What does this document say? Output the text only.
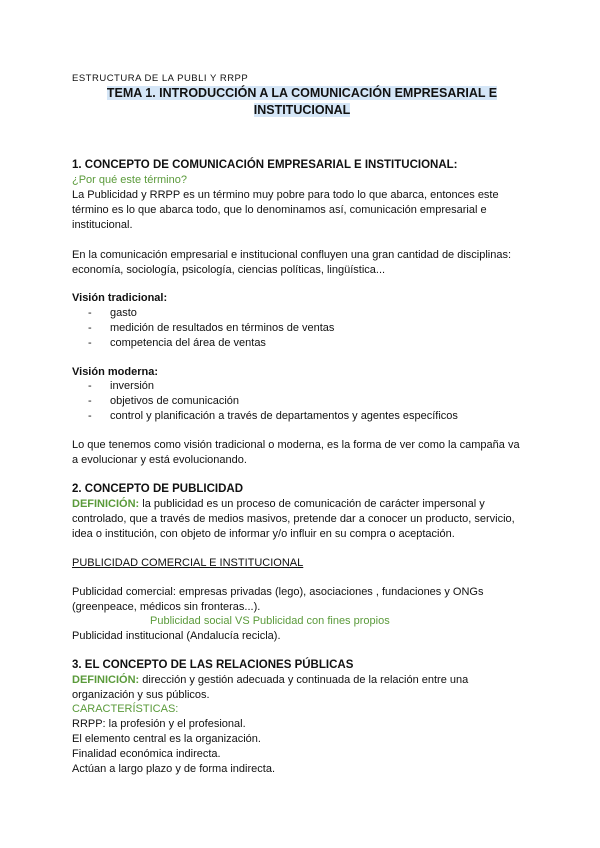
ESTRUCTURA DE LA PUBLI Y RRPP
TEMA 1. INTRODUCCIÓN A LA COMUNICACIÓN EMPRESARIAL E
INSTITUCIONAL
1. CONCEPTO DE COMUNICACIÓN EMPRESARIAL E INSTITUCIONAL:
¿Por qué este término?
La Publicidad y RRPP es un término muy pobre para todo lo que abarca, entonces este
término es lo que abarca todo, que lo denominamos así, comunicación empresarial e
institucional.
En la comunicación empresarial e institucional confluyen una gran cantidad de disciplinas:
economía, sociología, psicología, ciencias políticas, lingüística...
Visión tradicional:
- gasto
- medición de resultados en términos de ventas
- competencia del área de ventas
Visión moderna:
- inversión
- objetivos de comunicación
- control y planificación a través de departamentos y agentes específicos
Lo que tenemos como visión tradicional o moderna, es la forma de ver como la campaña va
a evolucionar y está evolucionando.
2. CONCEPTO DE PUBLICIDAD
DEFINICIÓN: la publicidad es un proceso de comunicación de carácter impersonal y
controlado, que a través de medios masivos, pretende dar a conocer un producto, servicio,
idea o institución, con objeto de informar y/o influir en su compra o aceptación.
PUBLICIDAD COMERCIAL E INSTITUCIONAL
Publicidad comercial: empresas privadas (lego), asociaciones , fundaciones y ONGs
(greenpeace, médicos sin fronteras...).
Publicidad social VS Publicidad con fines propios
Publicidad institucional (Andalucía recicla).
3. EL CONCEPTO DE LAS RELACIONES PÚBLICAS
DEFINICIÓN: dirección y gestión adecuada y continuada de la relación entre una
organización y sus públicos.
CARACTERÍSTICAS:
RRPP: la profesión y el profesional.
El elemento central es la organización.
Finalidad económica indirecta.
Actúan a largo plazo y de forma indirecta.
